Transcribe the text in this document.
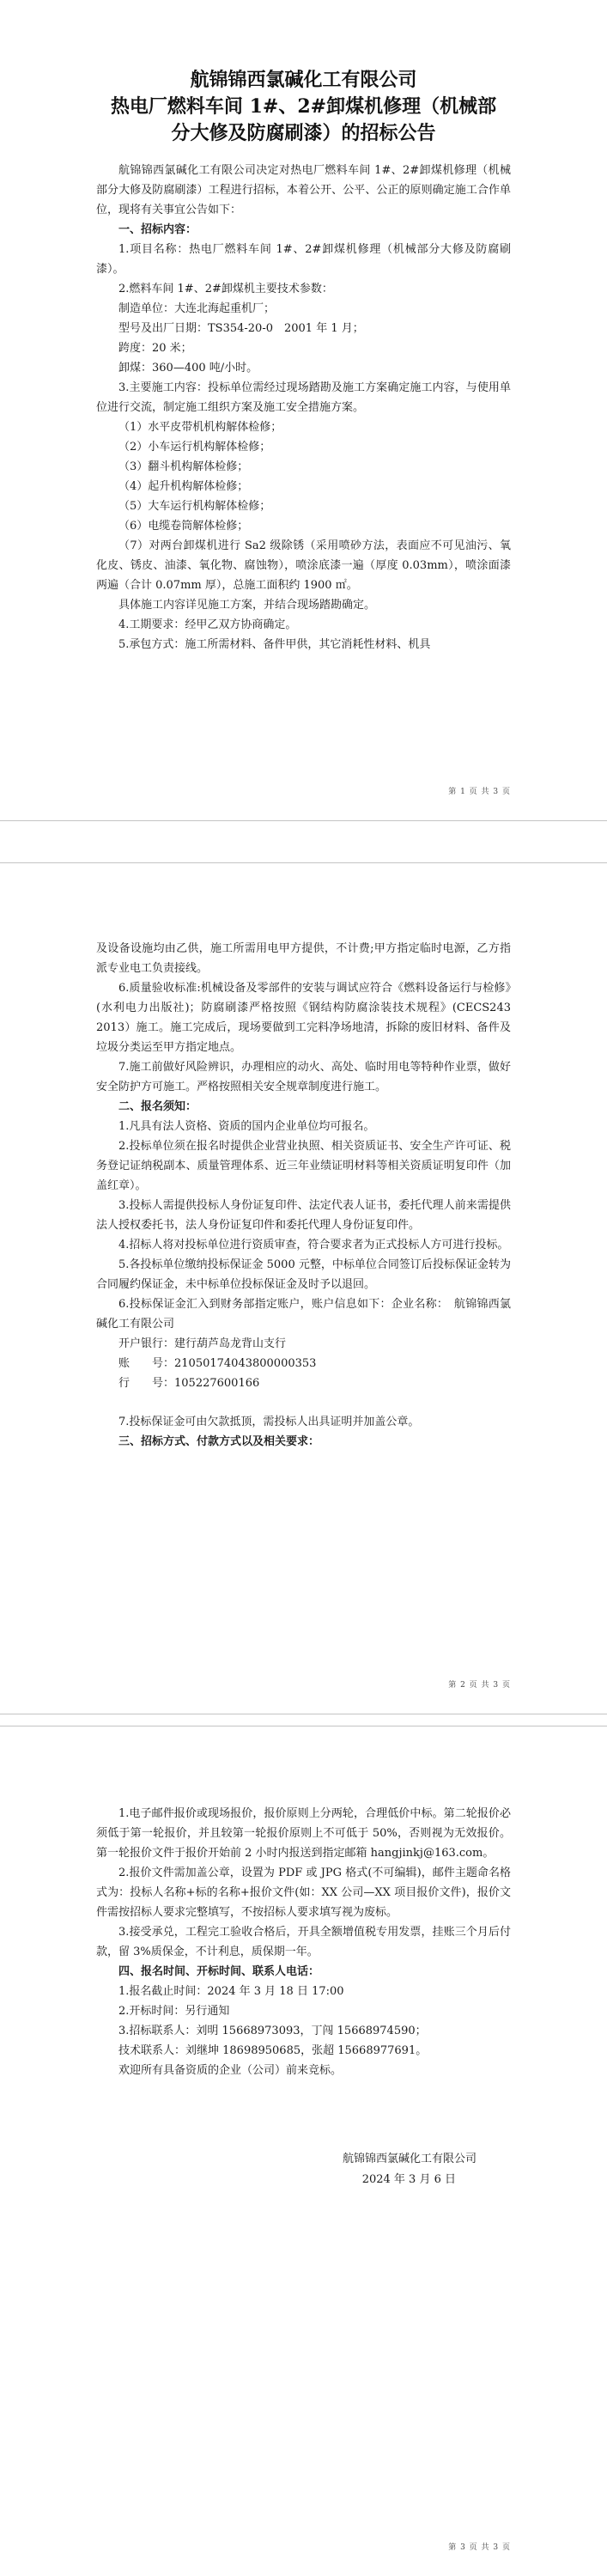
航锦锦西氯碱化工有限公司
热电厂燃料车间 1#、2#卸煤机修理（机械部
分大修及防腐刷漆）的招标公告

航锦锦西氯碱化工有限公司决定对热电厂燃料车间 1#、2#卸煤机修理（机械部分大修及防腐刷漆）工程进行招标，本着公开、公平、公正的原则确定施工合作单位，现将有关事宜公告如下：

一、招标内容：

1.项目名称：热电厂燃料车间 1#、2#卸煤机修理（机械部分大修及防腐刷漆）。

2.燃料车间 1#、2#卸煤机主要技术参数：

制造单位：大连北海起重机厂；

型号及出厂日期：TS354-20-0　2001 年 1 月；

跨度：20 米；

卸煤：360—400 吨/小时。

3.主要施工内容：投标单位需经过现场踏勘及施工方案确定施工内容，与使用单位进行交流，制定施工组织方案及施工安全措施方案。

（1）水平皮带机机构解体检修；

（2）小车运行机构解体检修；

（3）翻斗机构解体检修；

（4）起升机构解体检修；

（5）大车运行机构解体检修；

（6）电缆卷筒解体检修；

（7）对两台卸煤机进行 Sa2 级除锈（采用喷砂方法，表面应不可见油污、氧化皮、锈皮、油漆、氧化物、腐蚀物），喷涂底漆一遍（厚度 0.03mm），喷涂面漆两遍（合计 0.07mm 厚），总施工面积约 1900 ㎡。

具体施工内容详见施工方案，并结合现场踏勘确定。

4.工期要求：经甲乙双方协商确定。

5.承包方式：施工所需材料、备件甲供，其它消耗性材料、机具

第 1 页 共 3 页

及设备设施均由乙供，施工所需用电甲方提供，不计费;甲方指定临时电源，乙方指派专业电工负责接线。

6.质量验收标准:机械设备及零部件的安装与调试应符合《燃料设备运行与检修》(水利电力出版社)；防腐刷漆严格按照《钢结构防腐涂装技术规程》(CECS243 2013）施工。施工完成后，现场要做到工完料净场地清，拆除的废旧材料、备件及垃圾分类运至甲方指定地点。

7.施工前做好风险辨识，办理相应的动火、高处、临时用电等特种作业票，做好安全防护方可施工。严格按照相关安全规章制度进行施工。

二、报名须知：

1.凡具有法人资格、资质的国内企业单位均可报名。

2.投标单位须在报名时提供企业营业执照、相关资质证书、安全生产许可证、税务登记证纳税副本、质量管理体系、近三年业绩证明材料等相关资质证明复印件（加盖红章）。

3.投标人需提供投标人身份证复印件、法定代表人证书，委托代理人前来需提供法人授权委托书，法人身份证复印件和委托代理人身份证复印件。

4.招标人将对投标单位进行资质审查，符合要求者为正式投标人方可进行投标。

5.各投标单位缴纳投标保证金 5000 元整，中标单位合同签订后投标保证金转为合同履约保证金，未中标单位投标保证金及时予以退回。

6.投标保证金汇入到财务部指定账户，账户信息如下：企业名称：　航锦锦西氯碱化工有限公司

开户银行：建行葫芦岛龙背山支行

账　　号：21050174043800000353

行　　号：105227600166

7.投标保证金可由欠款抵顶，需投标人出具证明并加盖公章。

三、招标方式、付款方式以及相关要求：

第 2 页 共 3 页

1.电子邮件报价或现场报价，报价原则上分两轮，合理低价中标。第二轮报价必须低于第一轮报价，并且较第一轮报价原则上不可低于 50%，否则视为无效报价。第一轮报价文件于报价开始前 2 小时内报送到指定邮箱 hangjinkj@163.com。

2.报价文件需加盖公章，设置为 PDF 或 JPG 格式(不可编辑)，邮件主题命名格式为：投标人名称+标的名称+报价文件(如：XX 公司—XX 项目报价文件)，报价文件需按招标人要求完整填写，不按招标人要求填写视为废标。

3.接受承兑，工程完工验收合格后，开具全额增值税专用发票，挂账三个月后付款，留 3%质保金，不计利息，质保期一年。

四、报名时间、开标时间、联系人电话：

1.报名截止时间：2024 年 3 月 18 日 17:00

2.开标时间：另行通知

3.招标联系人：刘明 15668973093，丁闯 15668974590；

技术联系人：刘继坤 18698950685，张超 15668977691。

欢迎所有具备资质的企业（公司）前来竞标。

航锦锦西氯碱化工有限公司
2024 年 3 月 6 日
第 3 页 共 3 页
